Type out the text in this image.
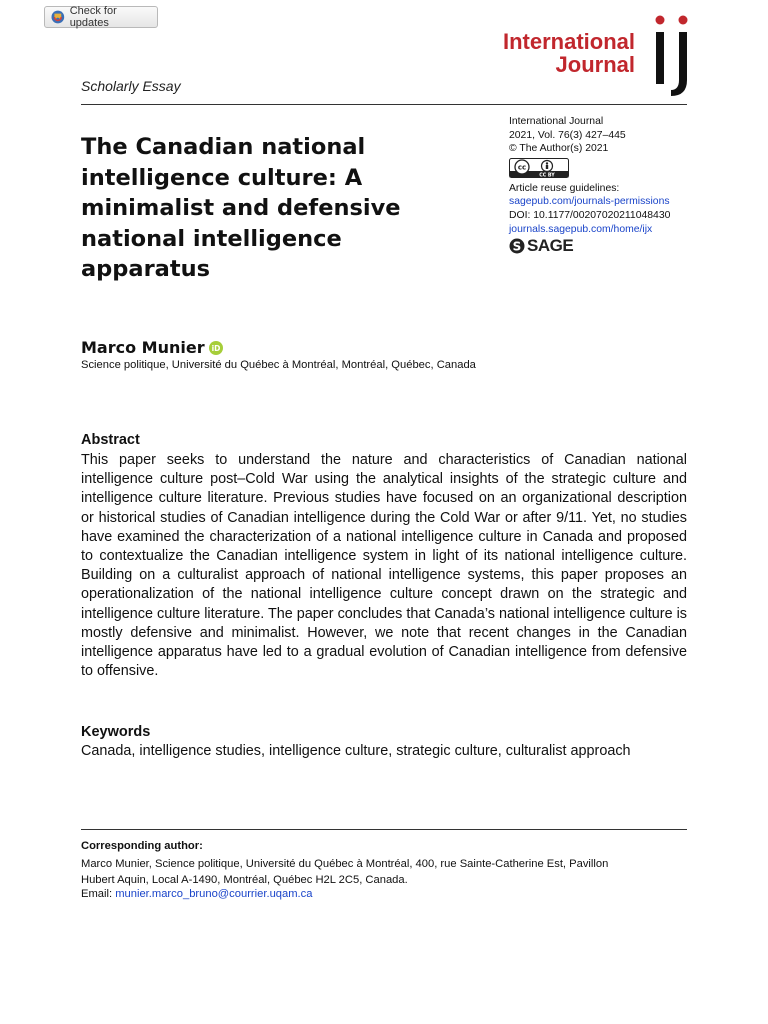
Check for updates
International
Journal
Scholarly Essay
The Canadian national intelligence culture: A minimalist and defensive national intelligence apparatus
International Journal
2021, Vol. 76(3) 427–445
© The Author(s) 2021
cc
CC BY
Article reuse guidelines:
sagepub.com/journals-permissions
DOI: 10.1177/00207020211048430
journals.sagepub.com/home/ijx
S SAGE
Marco Munier iD
Science politique, Université du Québec à Montréal, Montréal, Québec, Canada
Abstract

This paper seeks to understand the nature and characteristics of Canadian national intelligence culture post–Cold War using the analytical insights of the strategic culture and intelligence culture literature. Previous studies have focused on an organizational description or historical studies of Canadian intelligence during the Cold War or after 9/11. Yet, no studies have examined the characterization of a national intelligence culture in Canada and proposed to contextualize the Canadian intelligence system in light of its national intelligence culture. Building on a culturalist approach of national intelligence systems, this paper proposes an operationalization of the national intelligence culture concept drawn on the strategic and intelligence culture literature. The paper concludes that Canada’s national intelligence culture is mostly defensive and minimalist. However, we note that recent changes in the Canadian intelligence apparatus have led to a gradual evolution of Canadian intelligence from defensive to offensive.

Keywords
Canada, intelligence studies, intelligence culture, strategic culture, culturalist approach
Corresponding author:
Marco Munier, Science politique, Université du Québec à Montréal, 400, rue Sainte-Catherine Est, Pavillon
Hubert Aquin, Local A-1490, Montréal, Québec H2L 2C5, Canada.
Email: munier.marco_bruno@courrier.uqam.ca
